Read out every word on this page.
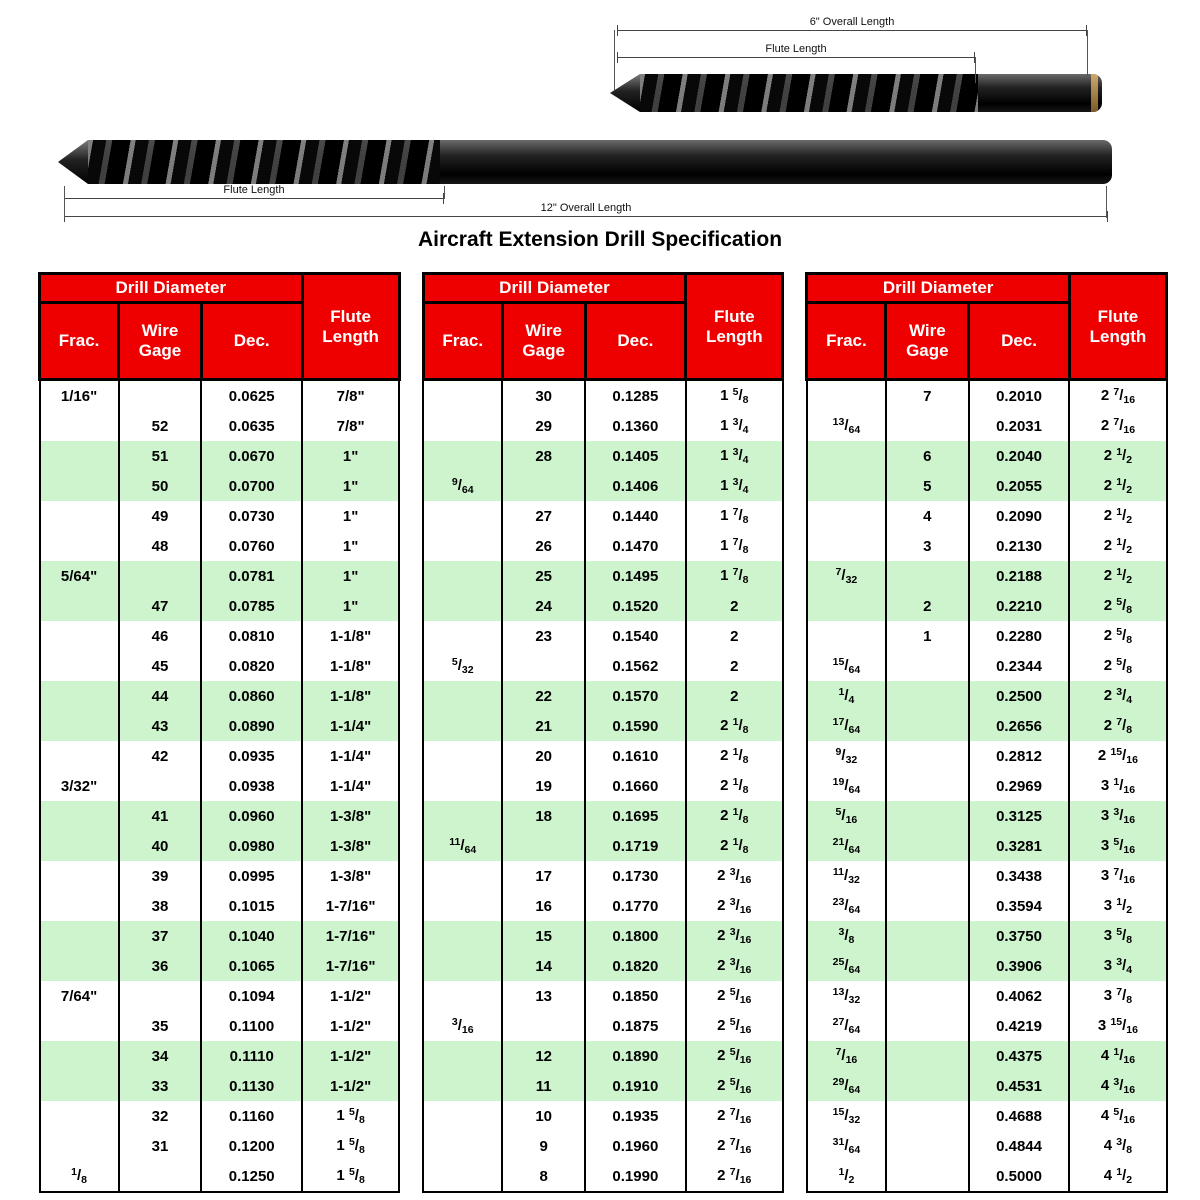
6" Overall Length
Flute Length
Flute Length
12" Overall Length
Aircraft Extension Drill Specification
Drill Diameter			Flute Length
Frac.	Wire Gage	Dec.	
1/16"		0.0625	7/8"
	52	0.0635	7/8"
	51	0.0670	1"
	50	0.0700	1"
	49	0.0730	1"
	48	0.0760	1"
5/64"		0.0781	1"
	47	0.0785	1"
	46	0.0810	1-1/8"
	45	0.0820	1-1/8"
	44	0.0860	1-1/8"
	43	0.0890	1-1/4"
	42	0.0935	1-1/4"
3/32"		0.0938	1-1/4"
	41	0.0960	1-3/8"
	40	0.0980	1-3/8"
	39	0.0995	1-3/8"
	38	0.1015	1-7/16"
	37	0.1040	1-7/16"
	36	0.1065	1-7/16"
7/64"		0.1094	1-1/2"
	35	0.1100	1-1/2"
	34	0.1110	1-1/2"
	33	0.1130	1-1/2"
	32	0.1160	1 $^5/_8$
	31	0.1200	1 $^5/_8$
$^1/_8$		0.1250	1 $^5/_8$
Drill Diameter			Flute Length
Frac.	Wire Gage	Dec.	
	30	0.1285	1 $^5/_8$
	29	0.1360	1 $^3/_4$
	28	0.1405	1 $^3/_4$
$^9/_{64}$		0.1406	1 $^3/_4$
	27	0.1440	1 $^7/_8$
	26	0.1470	1 $^7/_8$
	25	0.1495	1 $^7/_8$
	24	0.1520	2
	23	0.1540	2
$^5/_{32}$		0.1562	2
	22	0.1570	2
	21	0.1590	2 $^1/_8$
	20	0.1610	2 $^1/_8$
	19	0.1660	2 $^1/_8$
	18	0.1695	2 $^1/_8$
$^{11}/_{64}$		0.1719	2 $^1/_8$
	17	0.1730	2 $^3/_{16}$
	16	0.1770	2 $^3/_{16}$
	15	0.1800	2 $^3/_{16}$
	14	0.1820	2 $^3/_{16}$
	13	0.1850	2 $^5/_{16}$
$^3/_{16}$		0.1875	2 $^5/_{16}$
	12	0.1890	2 $^5/_{16}$
	11	0.1910	2 $^5/_{16}$
	10	0.1935	2 $^7/_{16}$
	9	0.1960	2 $^7/_{16}$
	8	0.1990	2 $^7/_{16}$
Drill Diameter			Flute Length
Frac.	Wire Gage	Dec.	
	7	0.2010	2 $^7/_{16}$
$^{13}/_{64}$		0.2031	2 $^7/_{16}$
	6	0.2040	2 $^1/_2$
	5	0.2055	2 $^1/_2$
	4	0.2090	2 $^1/_2$
	3	0.2130	2 $^1/_2$
$^7/_{32}$		0.2188	2 $^1/_2$
	2	0.2210	2 $^5/_8$
	1	0.2280	2 $^5/_8$
$^{15}/_{64}$		0.2344	2 $^5/_8$
$^1/_4$		0.2500	2 $^3/_4$
$^{17}/_{64}$		0.2656	2 $^7/_8$
$^9/_{32}$		0.2812	2 $^{15}/_{16}$
$^{19}/_{64}$		0.2969	3 $^1/_{16}$
$^5/_{16}$		0.3125	3 $^3/_{16}$
$^{21}/_{64}$		0.3281	3 $^5/_{16}$
$^{11}/_{32}$		0.3438	3 $^7/_{16}$
$^{23}/_{64}$		0.3594	3 $^1/_2$
$^3/_8$		0.3750	3 $^5/_8$
$^{25}/_{64}$		0.3906	3 $^3/_4$
$^{13}/_{32}$		0.4062	3 $^7/_8$
$^{27}/_{64}$		0.4219	3 $^{15}/_{16}$
$^7/_{16}$		0.4375	4 $^1/_{16}$
$^{29}/_{64}$		0.4531	4 $^3/_{16}$
$^{15}/_{32}$		0.4688	4 $^5/_{16}$
$^{31}/_{64}$		0.4844	4 $^3/_8$
$^1/_2$		0.5000	4 $^1/_2$
